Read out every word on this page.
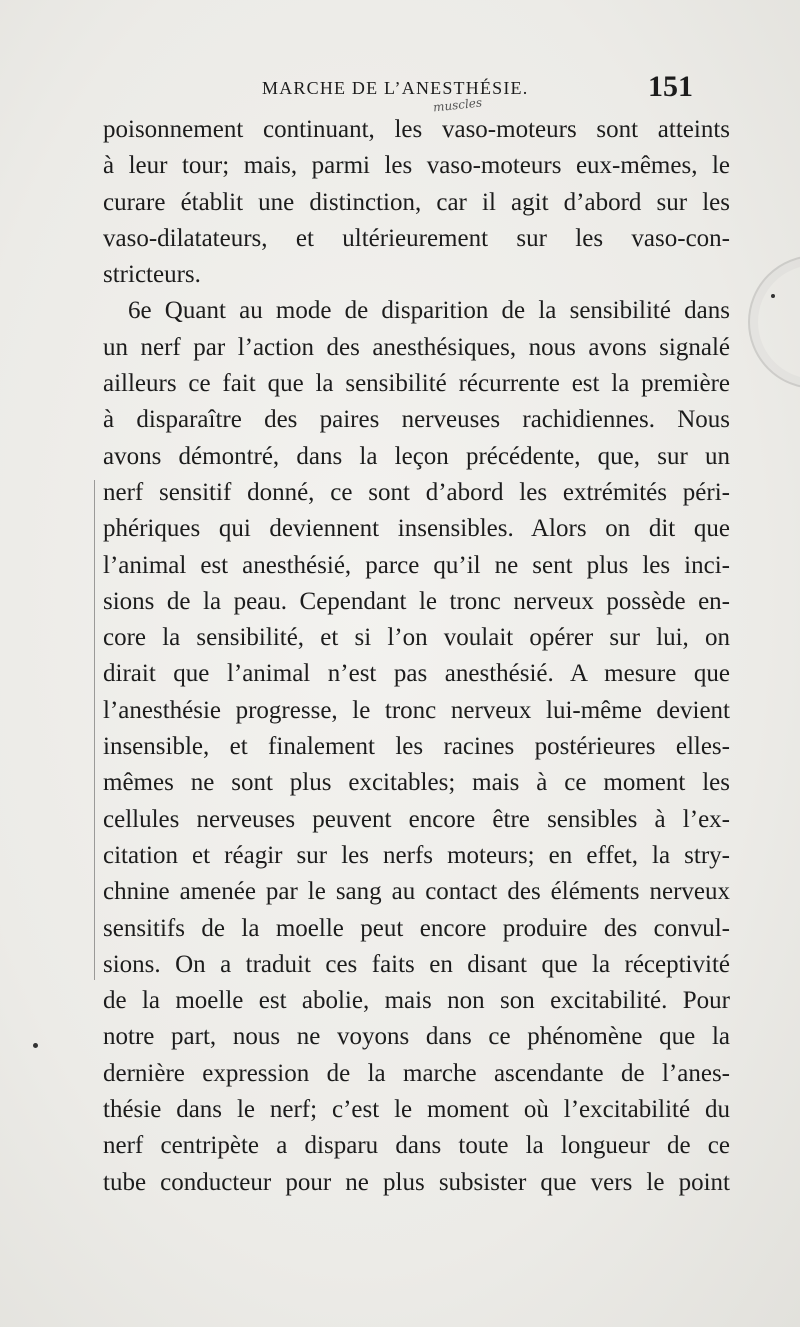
MARCHE DE L’ANESTHÉSIE.	151
muscles
poisonnement continuant, les vaso-moteurs sont atteints
à leur tour; mais, parmi les vaso-moteurs eux-mêmes, le
curare établit une distinction, car il agit d’abord sur les
vaso-dilatateurs, et ultérieurement sur les vaso-con-
stricteurs.
6e Quant au mode de disparition de la sensibilité dans
un nerf par l’action des anesthésiques, nous avons signalé
ailleurs ce fait que la sensibilité récurrente est la première
à disparaître des paires nerveuses rachidiennes. Nous
avons démontré, dans la leçon précédente, que, sur un
nerf sensitif donné, ce sont d’abord les extrémités péri-
phériques qui deviennent insensibles. Alors on dit que
l’animal est anesthésié, parce qu’il ne sent plus les inci-
sions de la peau. Cependant le tronc nerveux possède en-
core la sensibilité, et si l’on voulait opérer sur lui, on
dirait que l’animal n’est pas anesthésié. A mesure que
l’anesthésie progresse, le tronc nerveux lui-même devient
insensible, et finalement les racines postérieures elles-
mêmes ne sont plus excitables; mais à ce moment les
cellules nerveuses peuvent encore être sensibles à l’ex-
citation et réagir sur les nerfs moteurs; en effet, la stry-
chnine amenée par le sang au contact des éléments nerveux
sensitifs de la moelle peut encore produire des convul-
sions. On a traduit ces faits en disant que la réceptivité
de la moelle est abolie, mais non son excitabilité. Pour
notre part, nous ne voyons dans ce phénomène que la
dernière expression de la marche ascendante de l’anes-
thésie dans le nerf; c’est le moment où l’excitabilité du
nerf centripète a disparu dans toute la longueur de ce
tube conducteur pour ne plus subsister que vers le point
